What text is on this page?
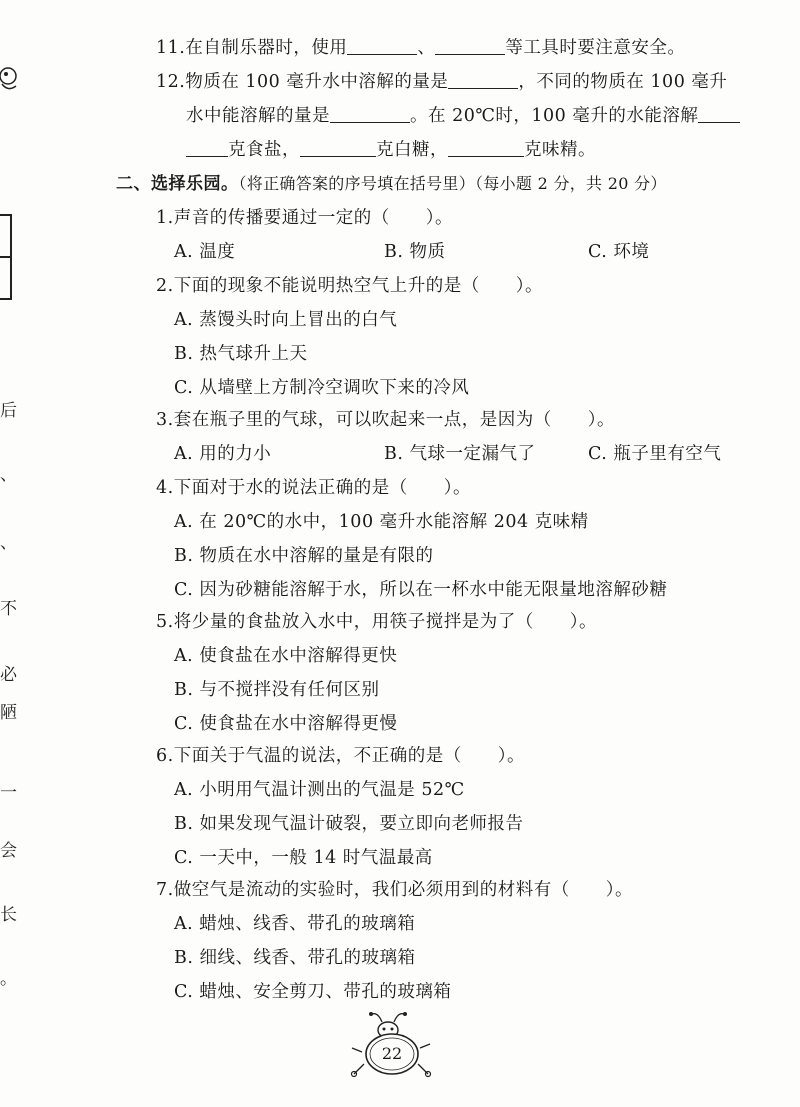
后
、
、
不
必
陋
一
会
长
。
11.在自制乐器时，使用	、	等工具时要注意安全。
12.物质在 100 毫升水中溶解的量是	，不同的物质在 100 毫升
水中能溶解的量是	。在 20℃时，100 毫升的水能溶解
克食盐，	克白糖，	克味精。
二、选择乐园。（将正确答案的序号填在括号里）（每小题 2 分，共 20 分）
1.声音的传播要通过一定的（ ）。
A. 温度	B. 物质	C. 环境
2.下面的现象不能说明热空气上升的是（ ）。
A. 蒸馒头时向上冒出的白气
B. 热气球升上天
C. 从墙壁上方制冷空调吹下来的冷风
3.套在瓶子里的气球，可以吹起来一点，是因为（ ）。
A. 用的力小	B. 气球一定漏气了	C. 瓶子里有空气
4.下面对于水的说法正确的是（ ）。
A. 在 20℃的水中，100 毫升水能溶解 204 克味精
B. 物质在水中溶解的量是有限的
C. 因为砂糖能溶解于水，所以在一杯水中能无限量地溶解砂糖
5.将少量的食盐放入水中，用筷子搅拌是为了（ ）。
A. 使食盐在水中溶解得更快
B. 与不搅拌没有任何区别
C. 使食盐在水中溶解得更慢
6.下面关于气温的说法，不正确的是（ ）。
A. 小明用气温计测出的气温是 52℃
B. 如果发现气温计破裂，要立即向老师报告
C. 一天中，一般 14 时气温最高
7.做空气是流动的实验时，我们必须用到的材料有（ ）。
A. 蜡烛、线香、带孔的玻璃箱
B. 细线、线香、带孔的玻璃箱
C. 蜡烛、安全剪刀、带孔的玻璃箱
22
